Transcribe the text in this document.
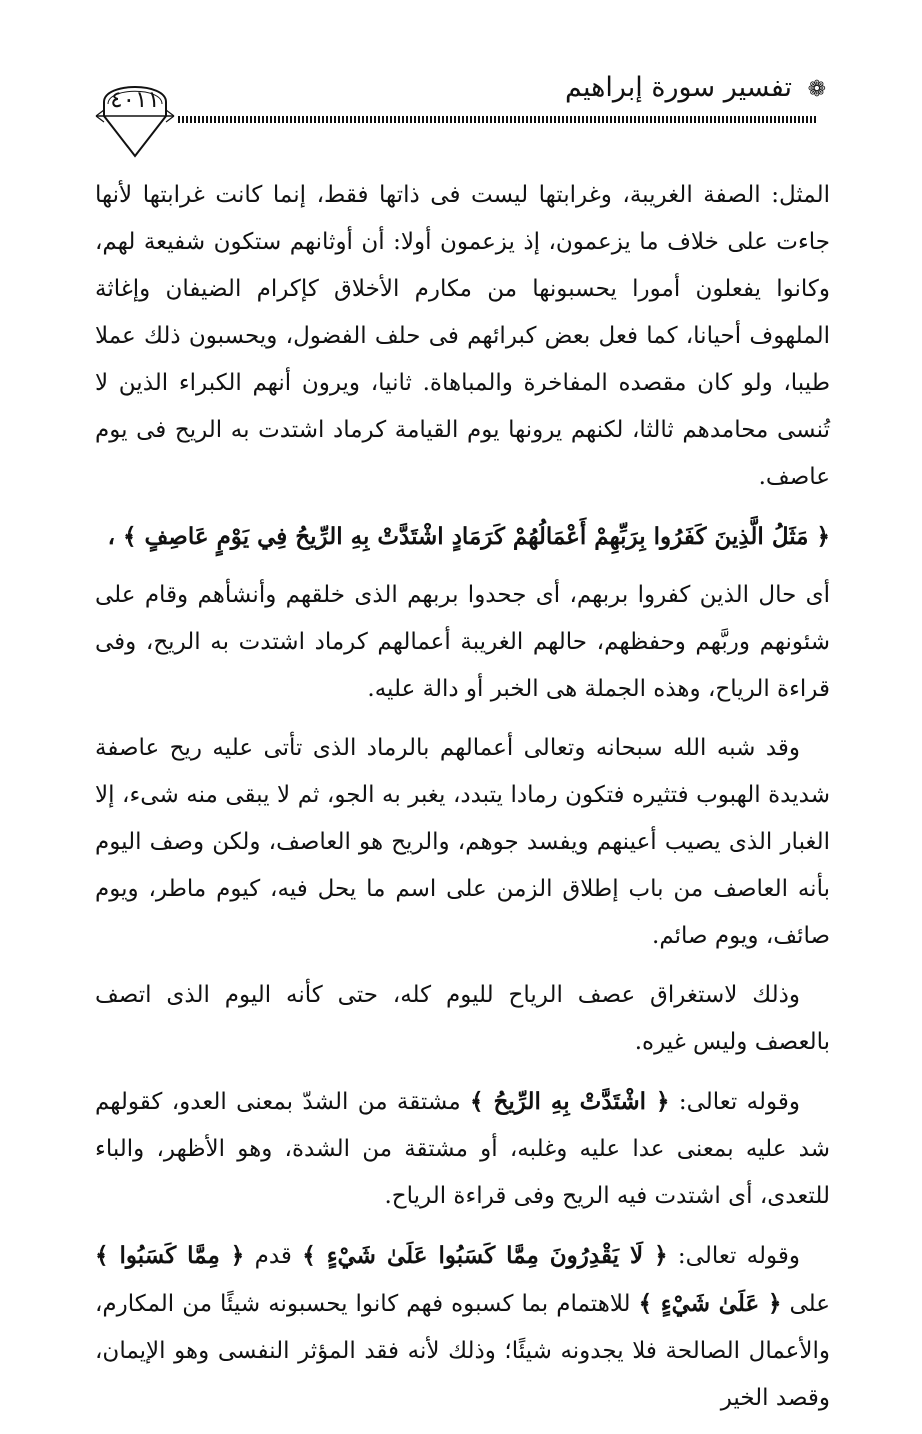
❁
تفسير سورة إبراهيم
٤٠١١

المثل: الصفة الغريبة، وغرابتها ليست فى ذاتها فقط، إنما كانت غرابتها لأنها جاءت على خلاف ما يزعمون، إذ يزعمون أولا: أن أوثانهم ستكون شفيعة لهم، وكانوا يفعلون أمورا يحسبونها من مكارم الأخلاق كإكرام الضيفان وإغاثة الملهوف أحيانا، كما فعل بعض كبرائهم فى حلف الفضول، ويحسبون ذلك عملا طيبا، ولو كان مقصده المفاخرة والمباهاة. ثانيا، ويرون أنهم الكبراء الذين لا تُنسى محامدهم ثالثا، لكنهم يرونها يوم القيامة كرماد اشتدت به الريح فى يوم عاصف.

﴿ مَثَلُ الَّذِينَ كَفَرُوا بِرَبِّهِمْ أَعْمَالُهُمْ كَرَمَادٍ اشْتَدَّتْ بِهِ الرِّيحُ فِي يَوْمٍ عَاصِفٍ ﴾ ،

أى حال الذين كفروا بربهم، أى جحدوا بربهم الذى خلقهم وأنشأهم وقام على شئونهم وربَّهم وحفظهم، حالهم الغريبة أعمالهم كرماد اشتدت به الريح، وفى قراءة الرياح، وهذه الجملة هى الخبر أو دالة عليه.

وقد شبه الله سبحانه وتعالى أعمالهم بالرماد الذى تأتى عليه ريح عاصفة شديدة الهبوب فتثيره فتكون رمادا يتبدد، يغبر به الجو، ثم لا يبقى منه شىء، إلا الغبار الذى يصيب أعينهم ويفسد جوهم، والريح هو العاصف، ولكن وصف اليوم بأنه العاصف من باب إطلاق الزمن على اسم ما يحل فيه، كيوم ماطر، ويوم صائف، ويوم صائم.

وذلك لاستغراق عصف الرياح لليوم كله، حتى كأنه اليوم الذى اتصف بالعصف وليس غيره.

وقوله تعالى: ﴿ اشْتَدَّتْ بِهِ الرِّيحُ ﴾ مشتقة من الشدّ بمعنى العدو، كقولهم شد عليه بمعنى عدا عليه وغلبه، أو مشتقة من الشدة، وهو الأظهر، والباء للتعدى، أى اشتدت فيه الريح وفى قراءة الرياح.

وقوله تعالى: ﴿ لَا يَقْدِرُونَ مِمَّا كَسَبُوا عَلَىٰ شَيْءٍ ﴾ قدم ﴿ مِمَّا كَسَبُوا ﴾ على ﴿ عَلَىٰ شَيْءٍ ﴾ للاهتمام بما كسبوه فهم كانوا يحسبونه شيئًا من المكارم، والأعمال الصالحة فلا يجدونه شيئًا؛ وذلك لأنه فقد المؤثر النفسى وهو الإيمان، وقصد الخير
